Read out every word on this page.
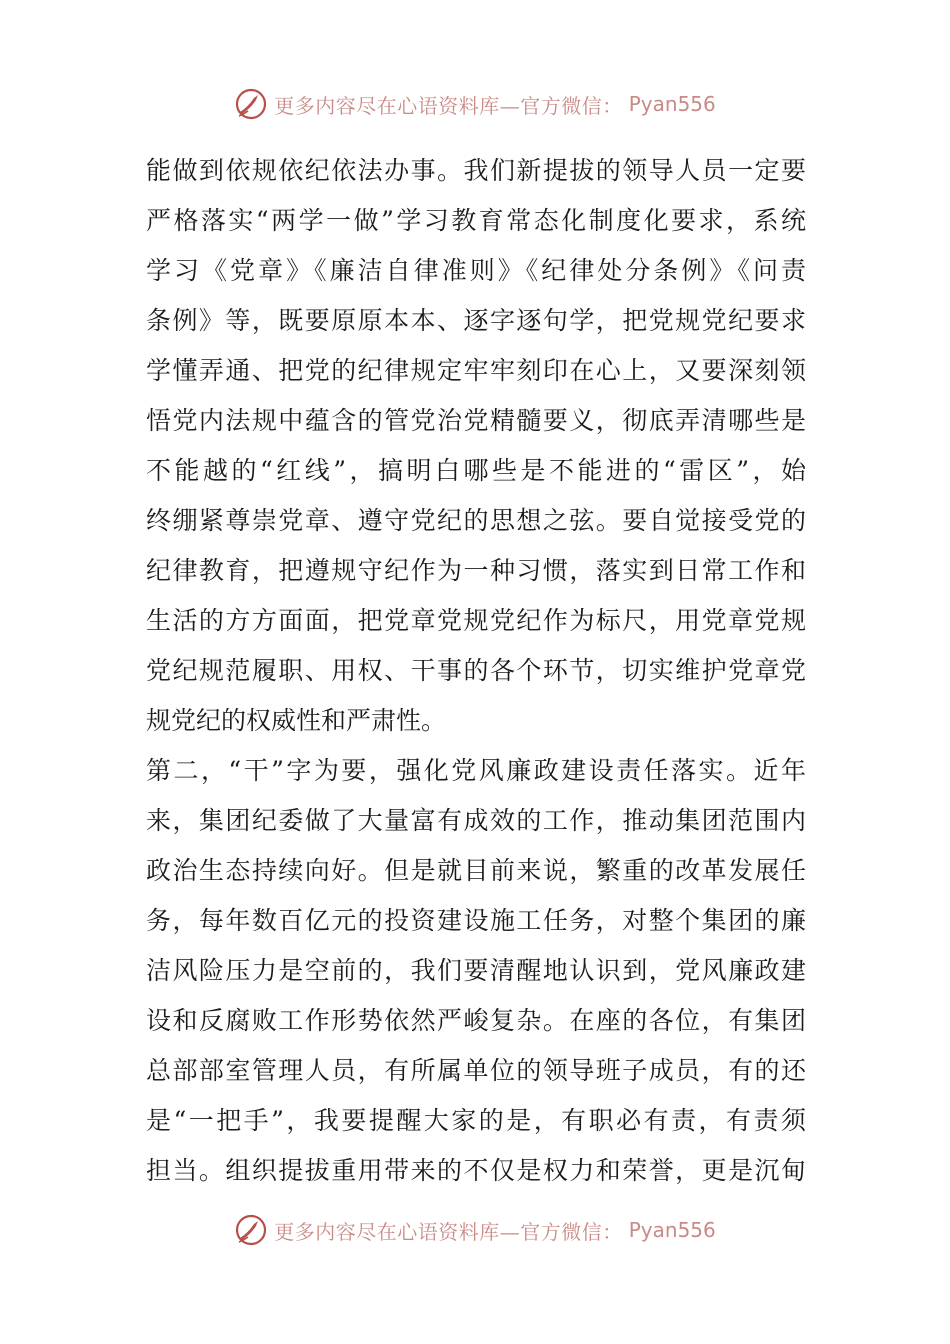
更多内容尽在心语资料库—官方微信： Pyan556
能做到依规依纪依法办事。我们新提拔的领导人员一定要
严格落实“两学一做”学习教育常态化制度化要求，系统
学习《党章》《廉洁自律准则》《纪律处分条例》《问责
条例》等，既要原原本本、逐字逐句学，把党规党纪要求
学懂弄通、把党的纪律规定牢牢刻印在心上，又要深刻领
悟党内法规中蕴含的管党治党精髓要义，彻底弄清哪些是
不能越的“红线”，搞明白哪些是不能进的“雷区”，始
终绷紧尊崇党章、遵守党纪的思想之弦。要自觉接受党的
纪律教育，把遵规守纪作为一种习惯，落实到日常工作和
生活的方方面面，把党章党规党纪作为标尺，用党章党规
党纪规范履职、用权、干事的各个环节，切实维护党章党
规党纪的权威性和严肃性。
第二，“干”字为要，强化党风廉政建设责任落实。近年
来，集团纪委做了大量富有成效的工作，推动集团范围内
政治生态持续向好。但是就目前来说，繁重的改革发展任
务，每年数百亿元的投资建设施工任务，对整个集团的廉
洁风险压力是空前的，我们要清醒地认识到，党风廉政建
设和反腐败工作形势依然严峻复杂。在座的各位，有集团
总部部室管理人员，有所属单位的领导班子成员，有的还
是“一把手”，我要提醒大家的是，有职必有责，有责须
担当。组织提拔重用带来的不仅是权力和荣誉，更是沉甸
更多内容尽在心语资料库—官方微信： Pyan556
